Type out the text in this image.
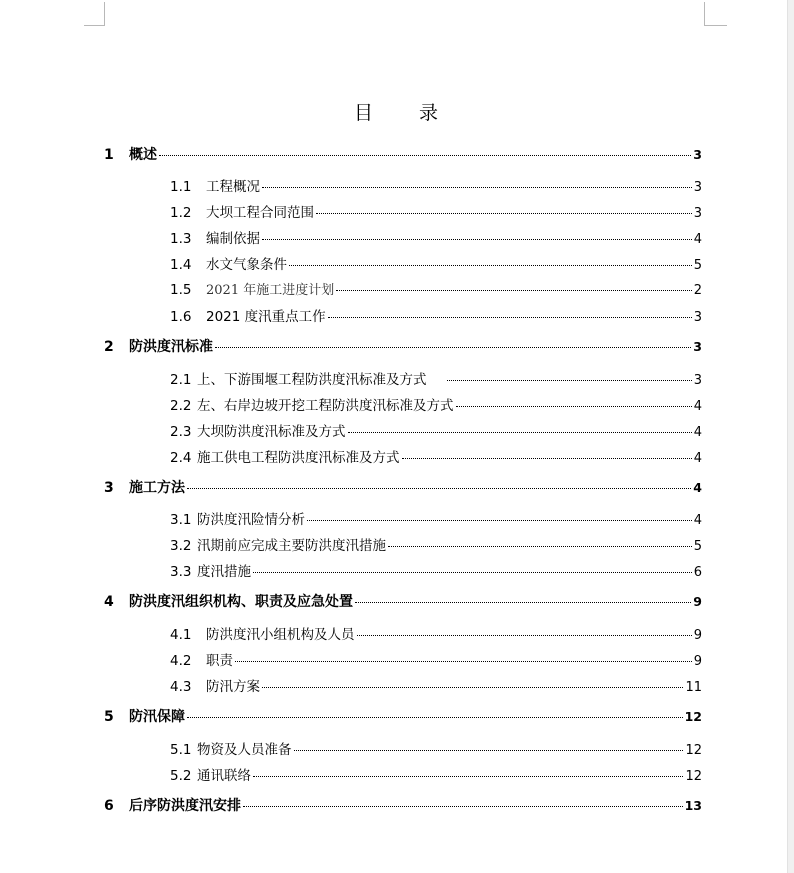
目 录
1	概述	3
1.1	工程概况	3
1.2	大坝工程合同范围	3
1.3	编制依据	4
1.4	水文气象条件	5
1.5	2021 年施工进度计划	2
1.6	2021 度汛重点工作	3
2	防洪度汛标准	3
2.1 上、下游围堰工程防洪度汛标准及方式	3
2.2 左、右岸边坡开挖工程防洪度汛标准及方式	4
2.3 大坝防洪度汛标准及方式	4
2.4 施工供电工程防洪度汛标准及方式	4
3	施工方法	4
3.1 防洪度汛险情分析	4
3.2 汛期前应完成主要防洪度汛措施	5
3.3 度汛措施	6
4	防洪度汛组织机构、职责及应急处置	9
4.1	防洪度汛小组机构及人员	9
4.2	职责	9
4.3	防汛方案	11
5	防汛保障	12
5.1 物资及人员准备	12
5.2 通讯联络	12
6	后序防洪度汛安排	13
